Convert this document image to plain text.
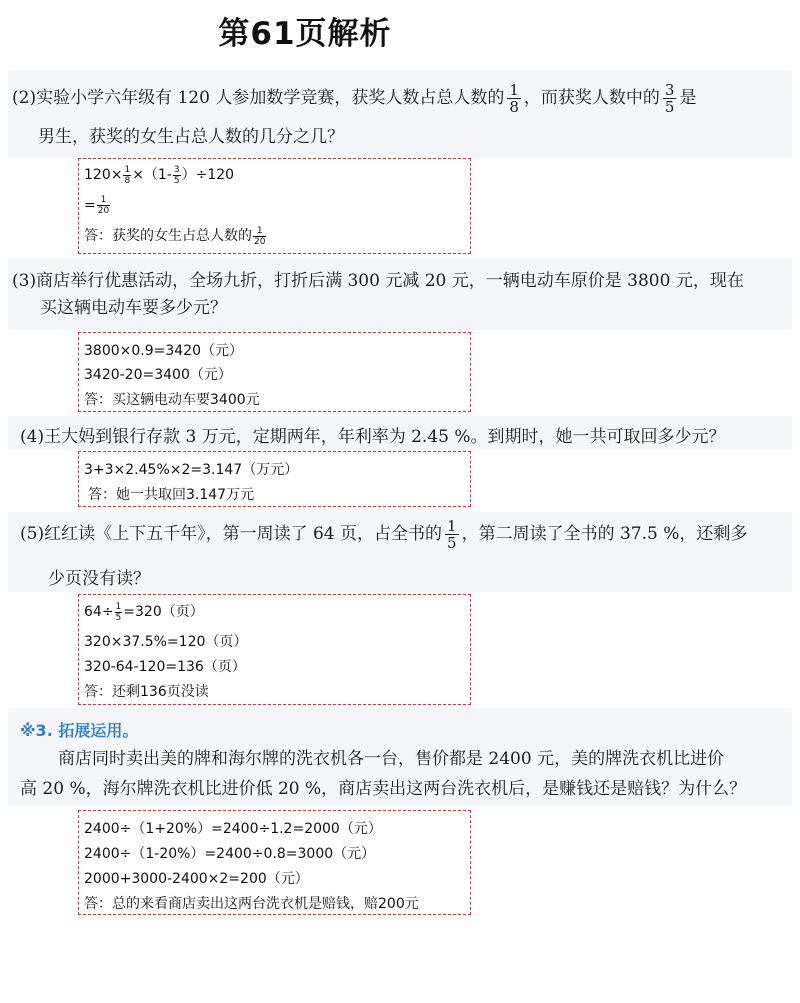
第61页解析
(2)实验小学六年级有 120 人参加数学竞赛，获奖人数占总人数的 $\frac{1}{8}$ ，而获奖人数中的 $\frac{3}{5}$ 是
男生，获奖的女生占总人数的几分之几？
$120\times \frac{1}{8} \times(1- \frac{3}{5} )\div 120$
= $\frac{1}{20}$
答：获奖的女生占总人数的 $\frac{1}{20}$
(3)商店举行优惠活动，全场九折，打折后满 300 元减 20 元，一辆电动车原价是 3800 元，现在
买这辆电动车要多少元？
3800×0.9=3420（元）
3420-20=3400（元）
答：买这辆电动车要3400元
(4)王大妈到银行存款 3 万元，定期两年，年利率为 2.45 %。到期时，她一共可取回多少元？
3+3×2.45%×2=3.147（万元）
答：她一共取回3.147万元
(5)红红读《上下五千年》，第一周读了 64 页，占全书的 $\frac{1}{5}$ ，第二周读了全书的 37.5 %，还剩多
少页没有读？
$64\div \frac{1}{5} =320$（页）
320×37.5%=120（页）
320-64-120=136（页）
答：还剩136页没读
※3. 拓展运用。
商店同时卖出美的牌和海尔牌的洗衣机各一台，售价都是 2400 元，美的牌洗衣机比进价
高 20 %，海尔牌洗衣机比进价低 20 %，商店卖出这两台洗衣机后，是赚钱还是赔钱？为什么？
2400÷（1+20%）=2400÷1.2=2000（元）
2400÷（1-20%）=2400÷0.8=3000（元）
2000+3000-2400×2=200（元）
答：总的来看商店卖出这两台洗衣机是赔钱，赔200元
